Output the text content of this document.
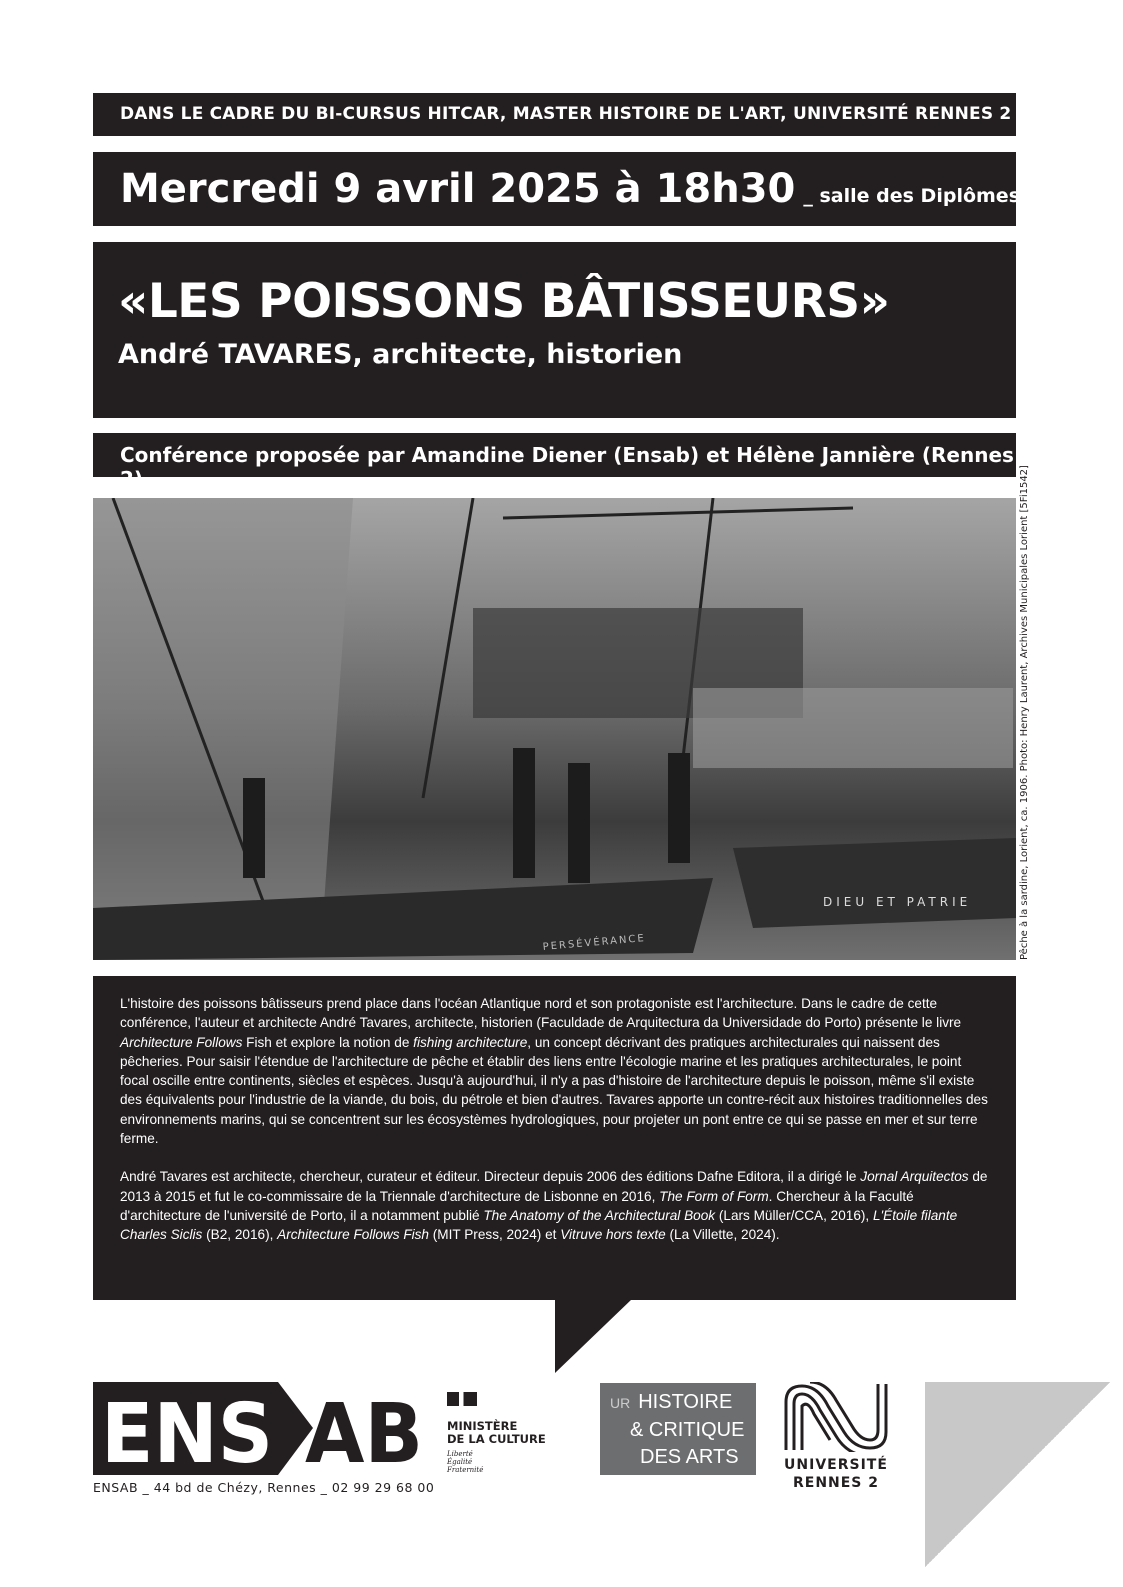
DANS LE CADRE DU BI-CURSUS HITCAR, MASTER HISTOIRE DE L'ART, UNIVERSITÉ RENNES 2
Mercredi 9 avril 2025 à 18h30 _ salle des Diplômes
«LES POISSONS BÂTISSEURS»
André TAVARES, architecte, historien
Conférence proposée par Amandine Diener (Ensab) et Hélène Jannière (Rennes 2)
DIEU ET PATRIE
PERSÉVÉRANCE	Pêche à la sardine, Lorient, ca. 1906. Photo: Henry Laurent, Archives Municipales Lorient [5Fi1542]

L'histoire des poissons bâtisseurs prend place dans l'océan Atlantique nord et son protagoniste est l'architecture. Dans le cadre de cette conférence, l'auteur et architecte André Tavares, architecte, historien (Faculdade de Arquitectura da Universidade do Porto) présente le livre Architecture Follows Fish et explore la notion de fishing architecture, un concept décrivant des pratiques architecturales qui naissent des pêcheries. Pour saisir l'étendue de l'architecture de pêche et établir des liens entre l'écologie marine et les pratiques architecturales, le point focal oscille entre continents, siècles et espèces. Jusqu'à aujourd'hui, il n'y a pas d'histoire de l'architecture depuis le poisson, même s'il existe des équivalents pour l'industrie de la viande, du bois, du pétrole et bien d'autres. Tavares apporte un contre-récit aux histoires traditionnelles des environnements marins, qui se concentrent sur les écosystèmes hydrologiques, pour projeter un pont entre ce qui se passe en mer et sur terre ferme.

André Tavares est architecte, chercheur, curateur et éditeur. Directeur depuis 2006 des éditions Dafne Editora, il a dirigé le Jornal Arquitectos de 2013 à 2015 et fut le co-commissaire de la Triennale d'architecture de Lisbonne en 2016, The Form of Form. Chercheur à la Faculté d'architecture de l'université de Porto, il a notamment publié The Anatomy of the Architectural Book (Lars Müller/CCA, 2016), L'Étoile filante Charles Siclis (B2, 2016), Architecture Follows Fish (MIT Press, 2024) et Vitruve hors texte (La Villette, 2024).

ENS AB
ENSAB _ 44 bd de Chézy, Rennes _ 02 99 29 68 00
MINISTÈRE
DE LA CULTURE
Liberté
Égalité
Fraternité
UR HISTOIRE
& CRITIQUE
DES ARTS	UNIVERSITÉ
RENNES 2
